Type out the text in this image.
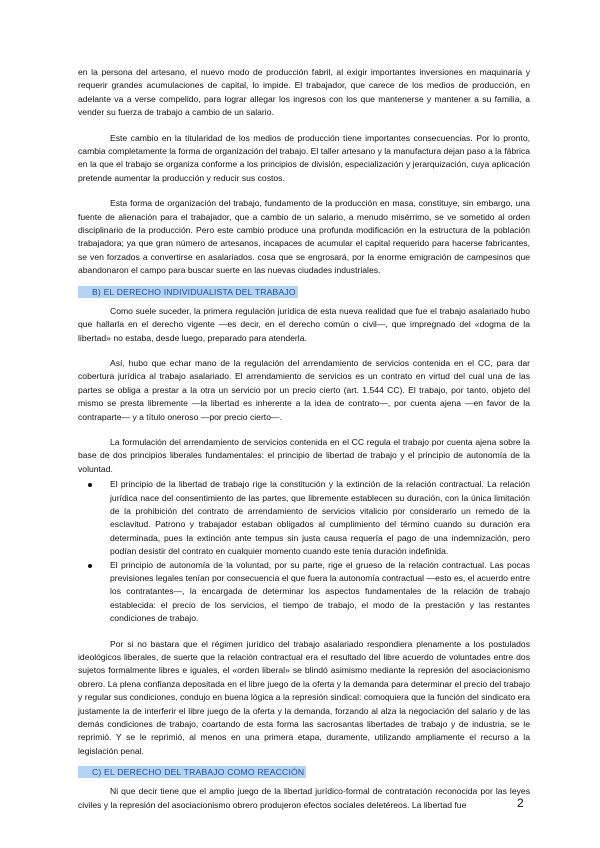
en la persona del artesano, el nuevo modo de producción fabril, al exigir importantes inversiones en maquinaria y requerir grandes acumulaciones de capital, lo impide. El trabajador, que carece de los medios de producción, en adelante va a verse compelido, para lograr allegar los ingresos con los que mantenerse y mantener a su familia, a vender su fuerza de trabajo a cambio de un salario.

Este cambio en la titularidad de los medios de producción tiene importantes consecuencias. Por lo pronto, cambia completamente la forma de organización del trabajo. El taller artesano y la manufactura dejan paso a la fábrica en la que el trabajo se organiza conforme a los principios de división, especialización y jerarquización, cuya aplicación pretende aumentar la producción y reducir sus costos.

Esta forma de organización del trabajo, fundamento de la producción en masa, constituye, sin embargo, una fuente de alienación para el trabajador, que a cambio de un salario, a menudo misérrimo, se ve sometido al orden disciplinario de la producción. Pero este cambio produce una profunda modificación en la estructura de la población trabajadora; ya que gran número de artesanos, incapaces de acumular el capital requerido para hacerse fabricantes, se ven forzados a convertirse en asalariados. cosa que se engrosará, por la enorme emigración de campesinos que abandonaron el campo para buscar suerte en las nuevas ciudades industriales.

B) EL DERECHO INDIVIDUALISTA DEL TRABAJO

Como suele suceder, la primera regulación jurídica de esta nueva realidad que fue el trabajo asalariado hubo que hallarla en el derecho vigente —es decir, en el derecho común o civil—, que impregnado del «dogma de la libertad» no estaba, desde luego, preparado para atenderla.

Así, hubo que echar mano de la regulación del arrendamiento de servicios contenida en el CC, para dar cobertura jurídica al trabajo asalariado. El arrendamiento de servicios es un contrato en virtud del cual una de las partes se obliga a prestar a la otra un servicio por un precio cierto (art. 1.544 CC). El trabajo, por tanto, objeto del mismo se presta libremente —la libertad es inherente a la idea de contrato—, por cuenta ajena —en favor de la contraparte— y a título oneroso —por precio cierto—.

La formulación del arrendamiento de servicios contenida en el CC regula el trabajo por cuenta ajena sobre la base de dos principios liberales fundamentales: el principio de libertad de trabajo y el principio de autonomía de la voluntad.

El principio de la libertad de trabajo rige la constitución y la extinción de la relación contractual. La relación jurídica nace del consentimiento de las partes, que libremente establecen su duración, con la única limitación de la prohibición del contrato de arrendamiento de servicios vitalicio por considerarlo un remedo de la esclavitud. Patrono y trabajador estaban obligados al cumplimiento del término cuando su duración era determinada, pues la extinción ante tempus sin justa causa requería el pago de una indemnización, pero podían desistir del contrato en cualquier momento cuando este tenía duración indefinida.
El principio de autonomía de la voluntad, por su parte, rige el grueso de la relación contractual. Las pocas previsiones legales tenían por consecuencia el que fuera la autonomía contractual —esto es, el acuerdo entre los contratantes—, la encargada de determinar los aspectos fundamentales de la relación de trabajo establecida: el precio de los servicios, el tiempo de trabajo, el modo de la prestación y las restantes condiciones de trabajo.

Por si no bastara que el régimen jurídico del trabajo asalariado respondiera plenamente a los postulados ideológicos liberales, de suerte que la relación contractual era el resultado del libre acuerdo de voluntades entre dos sujetos formalmente libres e iguales, el «orden liberal» se blindó asimismo mediante la represión del asociacionismo obrero. La plena confianza depositada en el libre juego de la oferta y la demanda para determinar el precio del trabajo y regular sus condiciones, condujo en buena lógica a la represión sindical: comoquiera que la función del sindicato era justamente la de interferir el libre juego de la oferta y la demanda, forzando al alza la negociación del salario y de las demás condiciones de trabajo, coartando de esta forma las sacrosantas libertades de trabajo y de industria, se le reprimió. Y se le reprimió, al menos en una primera etapa, duramente, utilizando ampliamente el recurso a la legislación penal.

C) EL DERECHO DEL TRABAJO COMO REACCIÓN

Ni que decir tiene que el amplio juego de la libertad jurídico-formal de contratación reconocida por las leyes civiles y la represión del asociacionismo obrero produjeron efectos sociales deletéreos. La libertad fue	2
